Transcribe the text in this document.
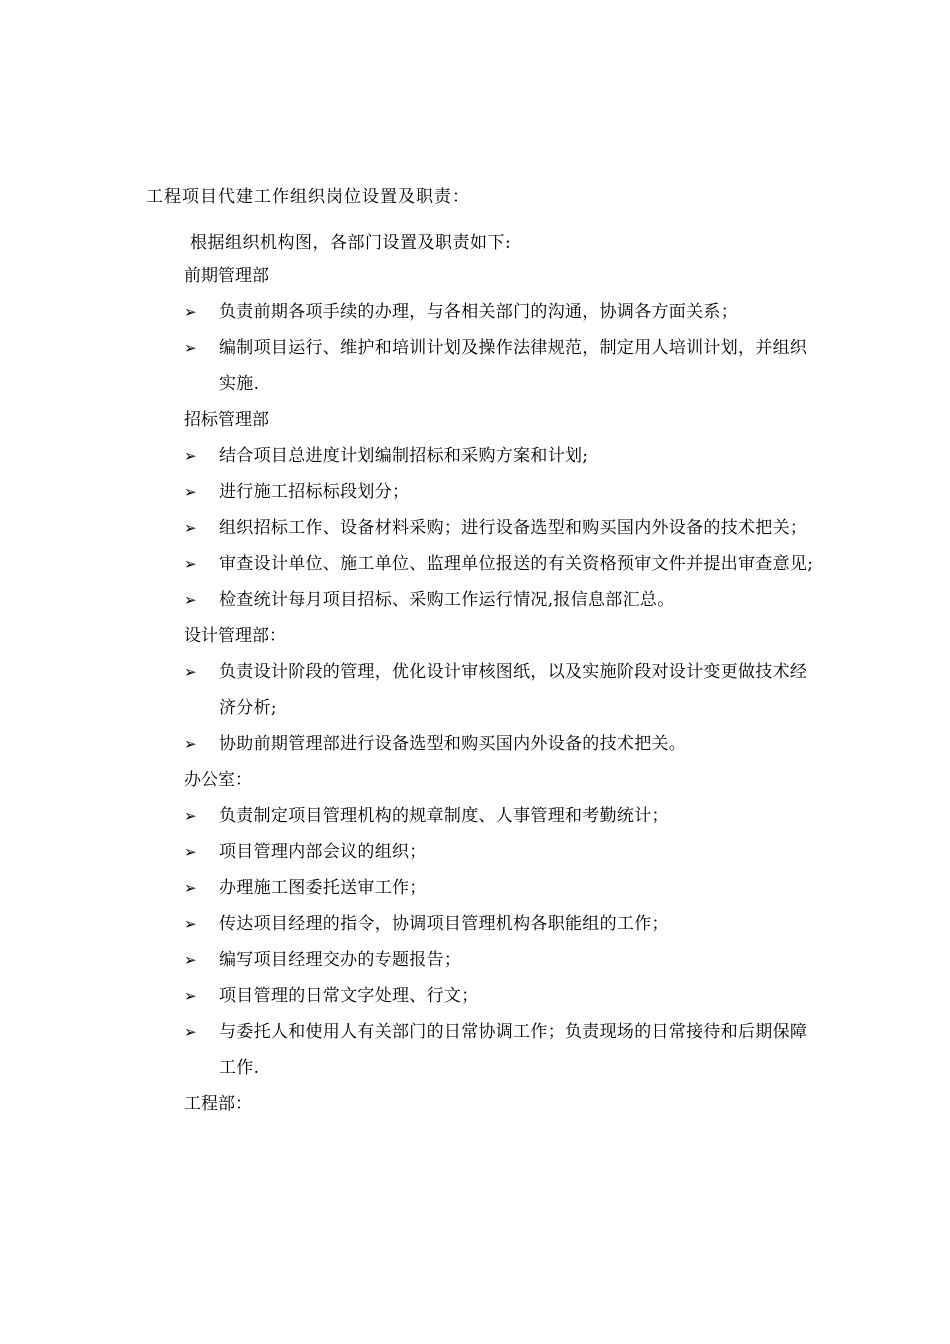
工程项目代建工作组织岗位设置及职责：
根据组织机构图，各部门设置及职责如下:
前期管理部
➢ 负责前期各项手续的办理，与各相关部门的沟通，协调各方面关系；
➢ 编制项目运行、维护和培训计划及操作法律规范，制定用人培训计划，并组织实施.
招标管理部
➢ 结合项目总进度计划编制招标和采购方案和计划;
➢ 进行施工招标标段划分；
➢ 组织招标工作、设备材料采购；进行设备选型和购买国内外设备的技术把关；
➢ 审查设计单位、施工单位、监理单位报送的有关资格预审文件并提出审查意见;
➢ 检查统计每月项目招标、采购工作运行情况,报信息部汇总。
设计管理部：
➢ 负责设计阶段的管理，优化设计审核图纸，以及实施阶段对设计变更做技术经济分析;
➢ 协助前期管理部进行设备选型和购买国内外设备的技术把关。
办公室：
➢ 负责制定项目管理机构的规章制度、人事管理和考勤统计；
➢ 项目管理内部会议的组织；
➢ 办理施工图委托送审工作；
➢ 传达项目经理的指令，协调项目管理机构各职能组的工作；
➢ 编写项目经理交办的专题报告；
➢ 项目管理的日常文字处理、行文；
➢ 与委托人和使用人有关部门的日常协调工作；负责现场的日常接待和后期保障工作.
工程部：
